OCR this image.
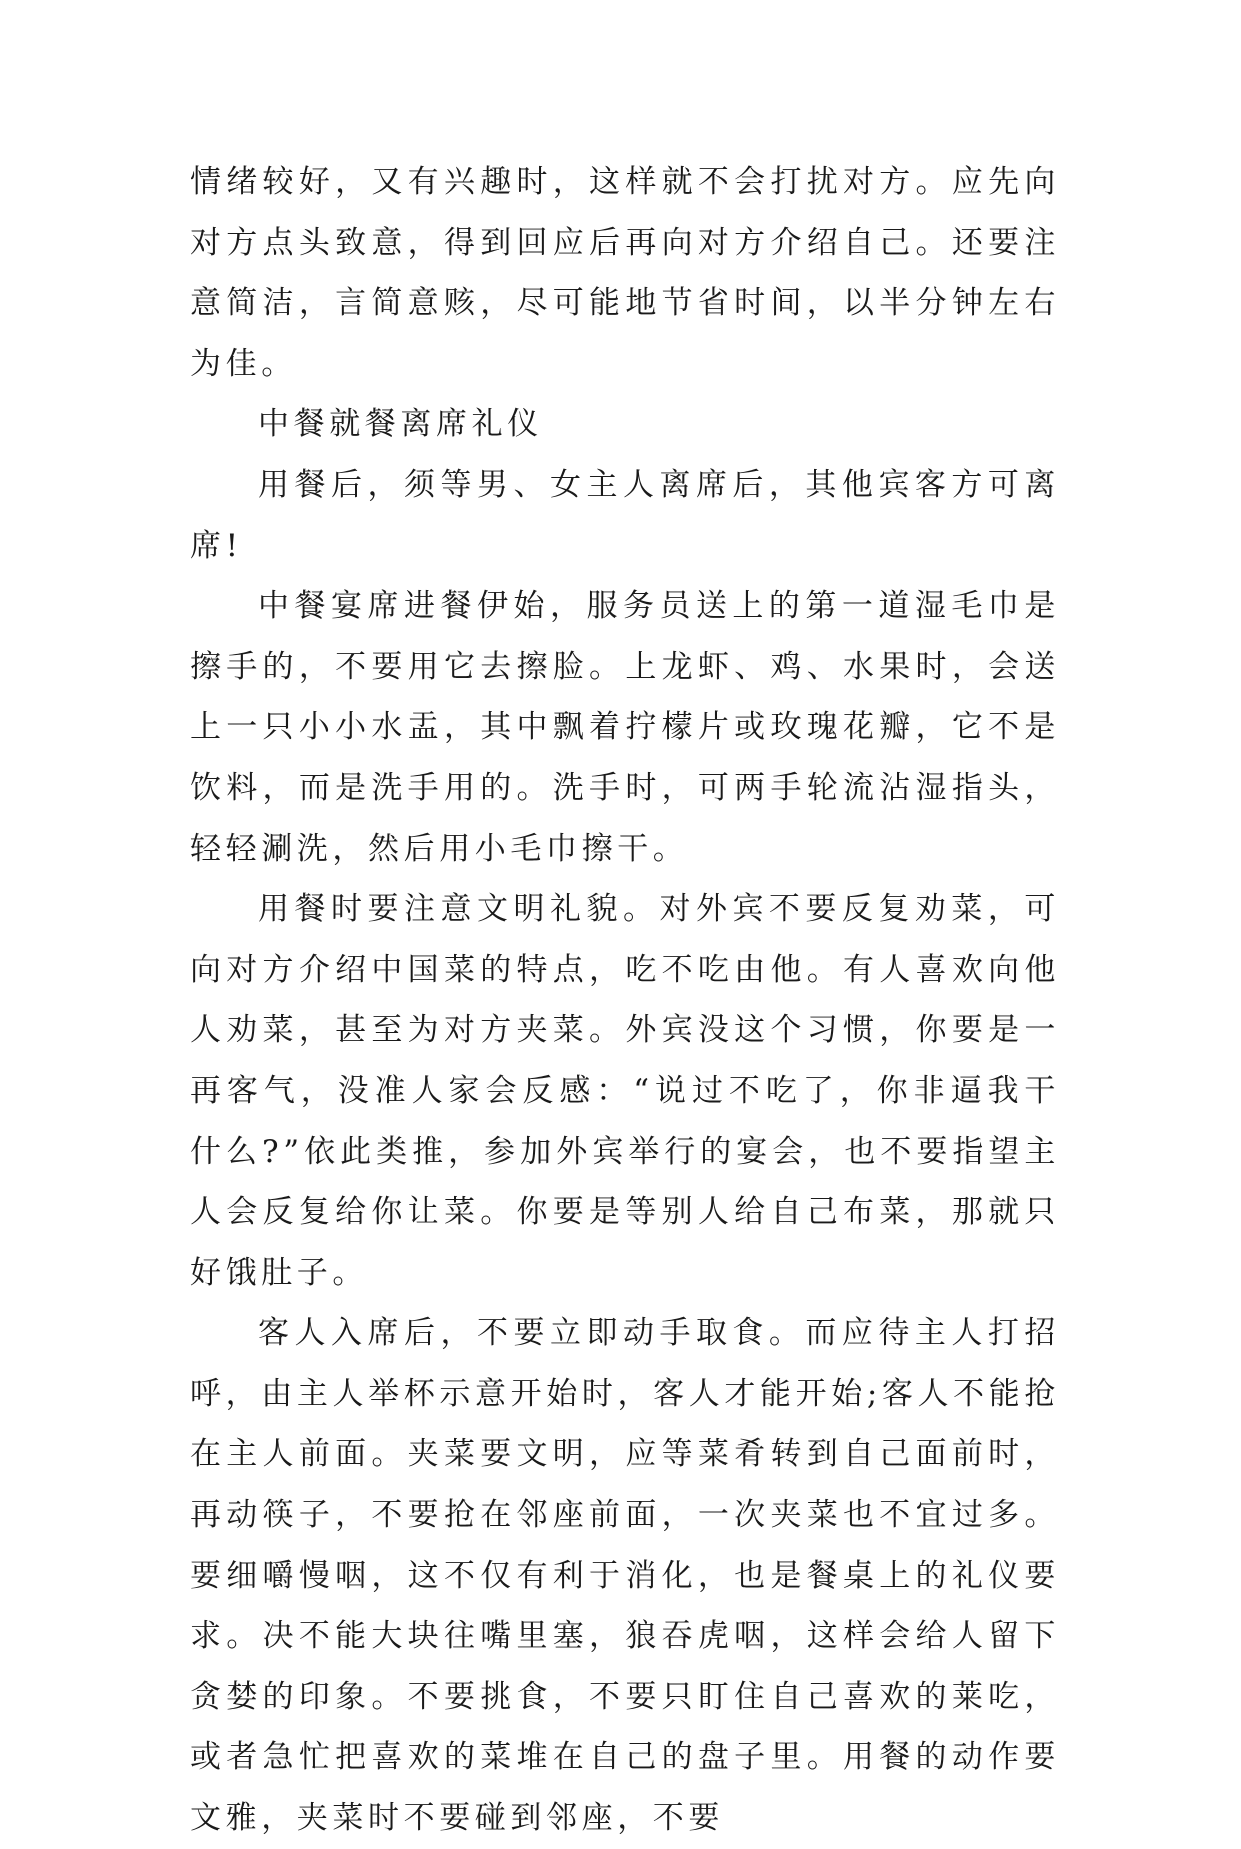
情绪较好，又有兴趣时，这样就不会打扰对方。应先向对方点头致意，得到回应后再向对方介绍自己。还要注意简洁，言简意赅，尽可能地节省时间，以半分钟左右为佳。

中餐就餐离席礼仪

用餐后，须等男、女主人离席后，其他宾客方可离席!

中餐宴席进餐伊始，服务员送上的第一道湿毛巾是擦手的，不要用它去擦脸。上龙虾、鸡、水果时，会送上一只小小水盂，其中飘着拧檬片或玫瑰花瓣，它不是饮料，而是洗手用的。洗手时，可两手轮流沾湿指头，轻轻涮洗，然后用小毛巾擦干。

用餐时要注意文明礼貌。对外宾不要反复劝菜，可向对方介绍中国菜的特点，吃不吃由他。有人喜欢向他人劝菜，甚至为对方夹菜。外宾没这个习惯，你要是一再客气，没准人家会反感：“说过不吃了，你非逼我干什么?”依此类推，参加外宾举行的宴会，也不要指望主人会反复给你让菜。你要是等别人给自己布菜，那就只好饿肚子。

客人入席后，不要立即动手取食。而应待主人打招呼，由主人举杯示意开始时，客人才能开始;客人不能抢在主人前面。夹菜要文明，应等菜肴转到自己面前时，再动筷子，不要抢在邻座前面，一次夹菜也不宜过多。要细嚼慢咽，这不仅有利于消化，也是餐桌上的礼仪要求。决不能大块往嘴里塞，狼吞虎咽，这样会给人留下贪婪的印象。不要挑食，不要只盯住自己喜欢的莱吃，或者急忙把喜欢的菜堆在自己的盘子里。用餐的动作要文雅，夹菜时不要碰到邻座，不要
